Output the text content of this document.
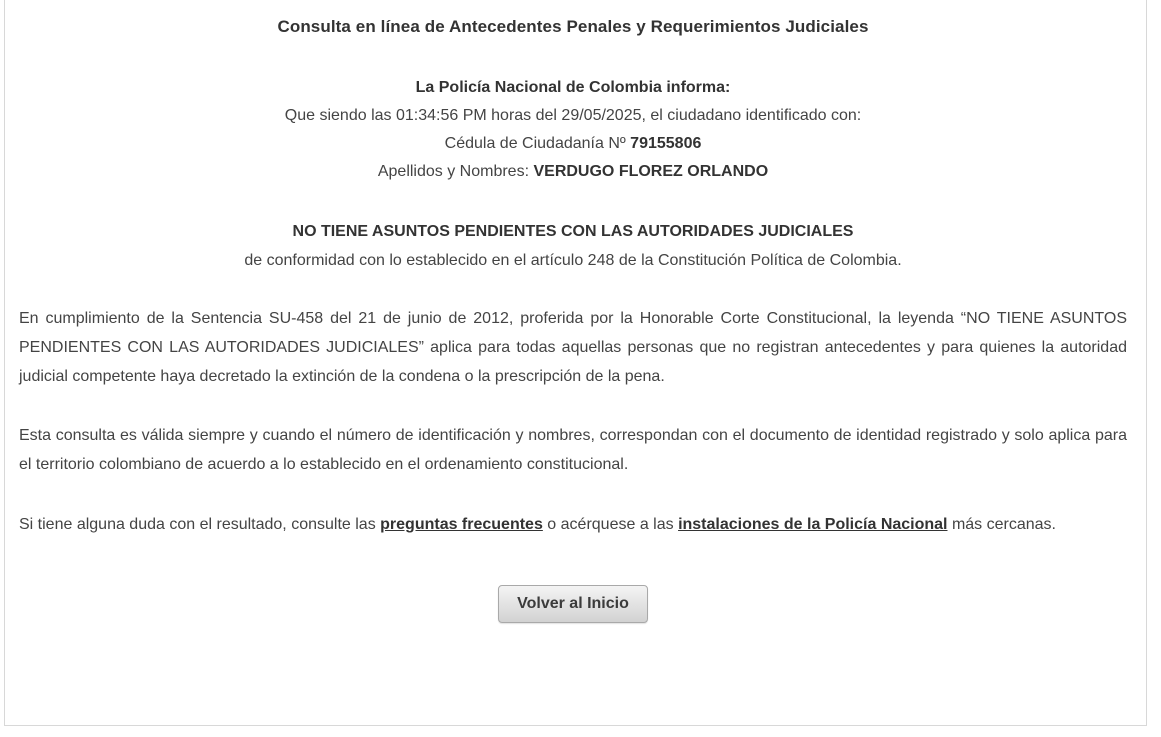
Consulta en línea de Antecedentes Penales y Requerimientos Judiciales
La Policía Nacional de Colombia informa:
Que siendo las 01:34:56 PM horas del 29/05/2025, el ciudadano identificado con:
Cédula de Ciudadanía Nº 79155806
Apellidos y Nombres: VERDUGO FLOREZ ORLANDO
NO TIENE ASUNTOS PENDIENTES CON LAS AUTORIDADES JUDICIALES
de conformidad con lo establecido en el artículo 248 de la Constitución Política de Colombia.
En cumplimiento de la Sentencia SU-458 del 21 de junio de 2012, proferida por la Honorable Corte Constitucional, la leyenda “NO TIENE ASUNTOS PENDIENTES CON LAS AUTORIDADES JUDICIALES” aplica para todas aquellas personas que no registran antecedentes y para quienes la autoridad judicial competente haya decretado la extinción de la condena o la prescripción de la pena.
Esta consulta es válida siempre y cuando el número de identificación y nombres, correspondan con el documento de identidad registrado y solo aplica para el territorio colombiano de acuerdo a lo establecido en el ordenamiento constitucional.
Si tiene alguna duda con el resultado, consulte las preguntas frecuentes o acérquese a las instalaciones de la Policía Nacional más cercanas.
Volver al Inicio
